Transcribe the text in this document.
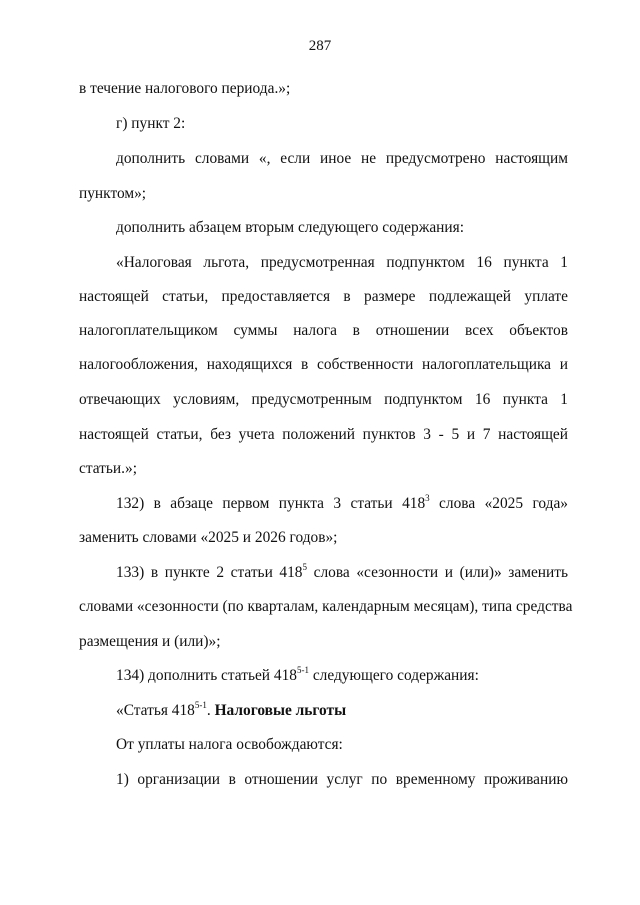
287
в течение налогового периода.»;
г) пункт 2:
дополнить словами «, если иное не предусмотрено настоящим
пунктом»;
дополнить абзацем вторым следующего содержания:
«Налоговая льгота, предусмотренная подпунктом 16 пункта 1
настоящей статьи, предоставляется в размере подлежащей уплате
налогоплательщиком суммы налога в отношении всех объектов
налогообложения, находящихся в собственности налогоплательщика и
отвечающих условиям, предусмотренным подпунктом 16 пункта 1
настоящей статьи, без учета положений пунктов 3 - 5 и 7 настоящей
статьи.»;
132) в абзаце первом пункта 3 статьи $418^3$ слова «2025 года»
заменить словами «2025 и 2026 годов»;
133) в пункте 2 статьи $418^5$ слова «сезонности и (или)» заменить
словами «сезонности (по кварталам, календарным месяцам), типа средства
размещения и (или)»;
134) дополнить статьей 418$^{5-1}$ следующего содержания:
«Статья 418$^{5-1}$. Налоговые льготы
От уплаты налога освобождаются:
1) организации в отношении услуг по временному проживанию
